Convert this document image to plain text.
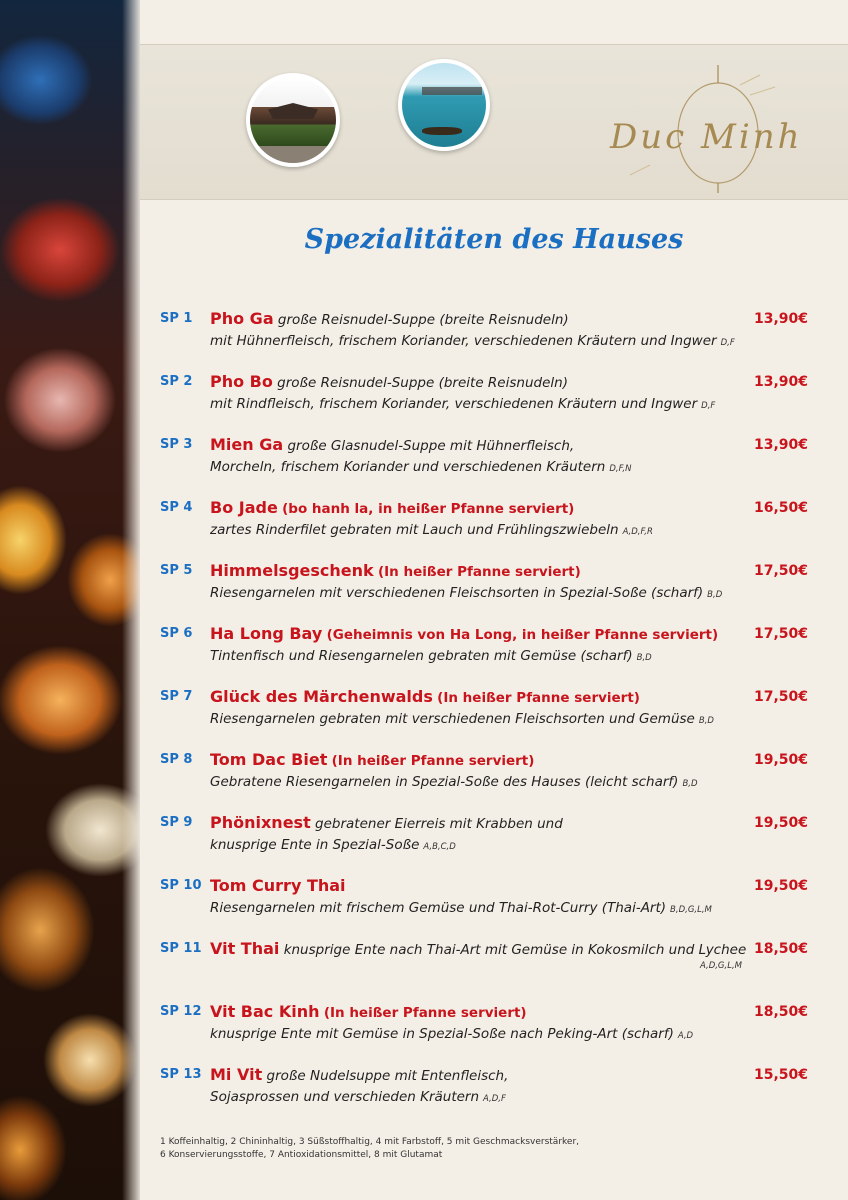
Duc Minh
Spezialitäten des Hauses
SP 1	13,90€
Pho Ga große Reisnudel-Suppe (breite Reisnudeln)
mit Hühnerfleisch, frischem Koriander, verschiedenen Kräutern und Ingwer D,F
SP 2	13,90€
Pho Bo große Reisnudel-Suppe (breite Reisnudeln)
mit Rindfleisch, frischem Koriander, verschiedenen Kräutern und Ingwer D,F
SP 3	13,90€
Mien Ga große Glasnudel-Suppe mit Hühnerfleisch,
Morcheln, frischem Koriander und verschiedenen Kräutern D,F,N
SP 4	16,50€
Bo Jade (bo hanh la, in heißer Pfanne serviert)
zartes Rinderfilet gebraten mit Lauch und Frühlingszwiebeln A,D,F,R
SP 5	17,50€
Himmelsgeschenk (In heißer Pfanne serviert)
Riesengarnelen mit verschiedenen Fleischsorten in Spezial-Soße (scharf) B,D
SP 6	17,50€
Ha Long Bay (Geheimnis von Ha Long, in heißer Pfanne serviert)
Tintenfisch und Riesengarnelen gebraten mit Gemüse (scharf) B,D
SP 7	17,50€
Glück des Märchenwalds (In heißer Pfanne serviert)
Riesengarnelen gebraten mit verschiedenen Fleischsorten und Gemüse B,D
SP 8	19,50€
Tom Dac Biet (In heißer Pfanne serviert)
Gebratene Riesengarnelen in Spezial-Soße des Hauses (leicht scharf) B,D
SP 9	19,50€
Phönixnest gebratener Eierreis mit Krabben und
knusprige Ente in Spezial-Soße A,B,C,D
SP 10	19,50€
Tom Curry Thai
Riesengarnelen mit frischem Gemüse und Thai-Rot-Curry (Thai-Art) B,D,G,L,M
SP 11	18,50€
Vit Thai knusprige Ente nach Thai-Art mit Gemüse in Kokosmilch und Lychee
A,D,G,L,M
SP 12	18,50€
Vit Bac Kinh (In heißer Pfanne serviert)
knusprige Ente mit Gemüse in Spezial-Soße nach Peking-Art (scharf) A,D
SP 13	15,50€
Mi Vit große Nudelsuppe mit Entenfleisch,
Sojasprossen und verschieden Kräutern A,D,F
1 Koffeinhaltig, 2 Chininhaltig, 3 Süßstoffhaltig, 4 mit Farbstoff, 5 mit Geschmacksverstärker,
6 Konservierungsstoffe, 7 Antioxidationsmittel, 8 mit Glutamat
